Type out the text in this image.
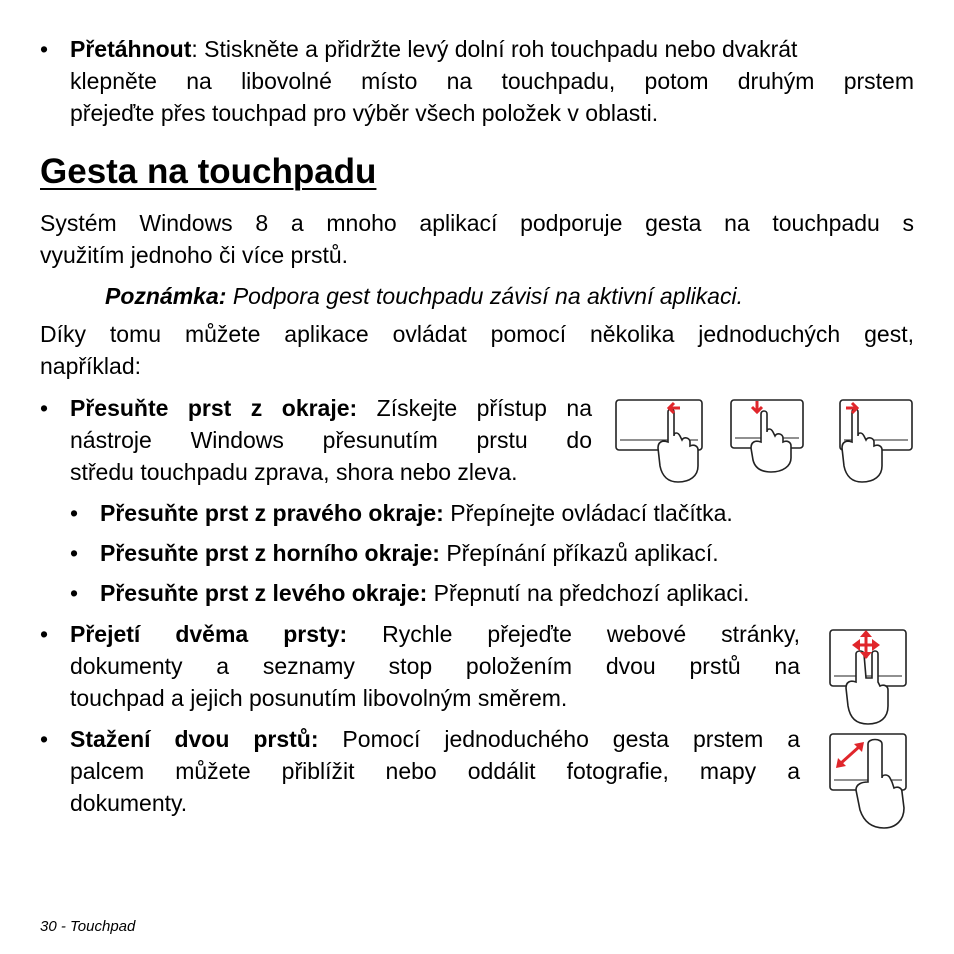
• Přetáhnout: Stiskněte a přidržte levý dolní roh touchpadu nebo dvakrát
klepněte na libovolné místo na touchpadu, potom druhým prstem
přejeďte přes touchpad pro výběr všech položek v oblasti.
Gesta na touchpadu
Systém Windows 8 a mnoho aplikací podporuje gesta na touchpadu s
využitím jednoho či více prstů.
Poznámka: Podpora gest touchpadu závisí na aktivní aplikaci.
Díky tomu můžete aplikace ovládat pomocí několika jednoduchých gest,
například:
• Přesuňte prst z okraje: Získejte přístup na
nástroje Windows přesunutím prstu do
středu touchpadu zprava, shora nebo zleva.
• Přesuňte prst z pravého okraje: Přepínejte ovládací tlačítka.
• Přesuňte prst z horního okraje: Přepínání příkazů aplikací.
• Přesuňte prst z levého okraje: Přepnutí na předchozí aplikaci.
• Přejetí dvěma prsty: Rychle přejeďte webové stránky,
dokumenty a seznamy stop položením dvou prstů na
touchpad a jejich posunutím libovolným směrem.
• Stažení dvou prstů: Pomocí jednoduchého gesta prstem a
palcem můžete přiblížit nebo oddálit fotografie, mapy a
dokumenty.
30 - Touchpad
